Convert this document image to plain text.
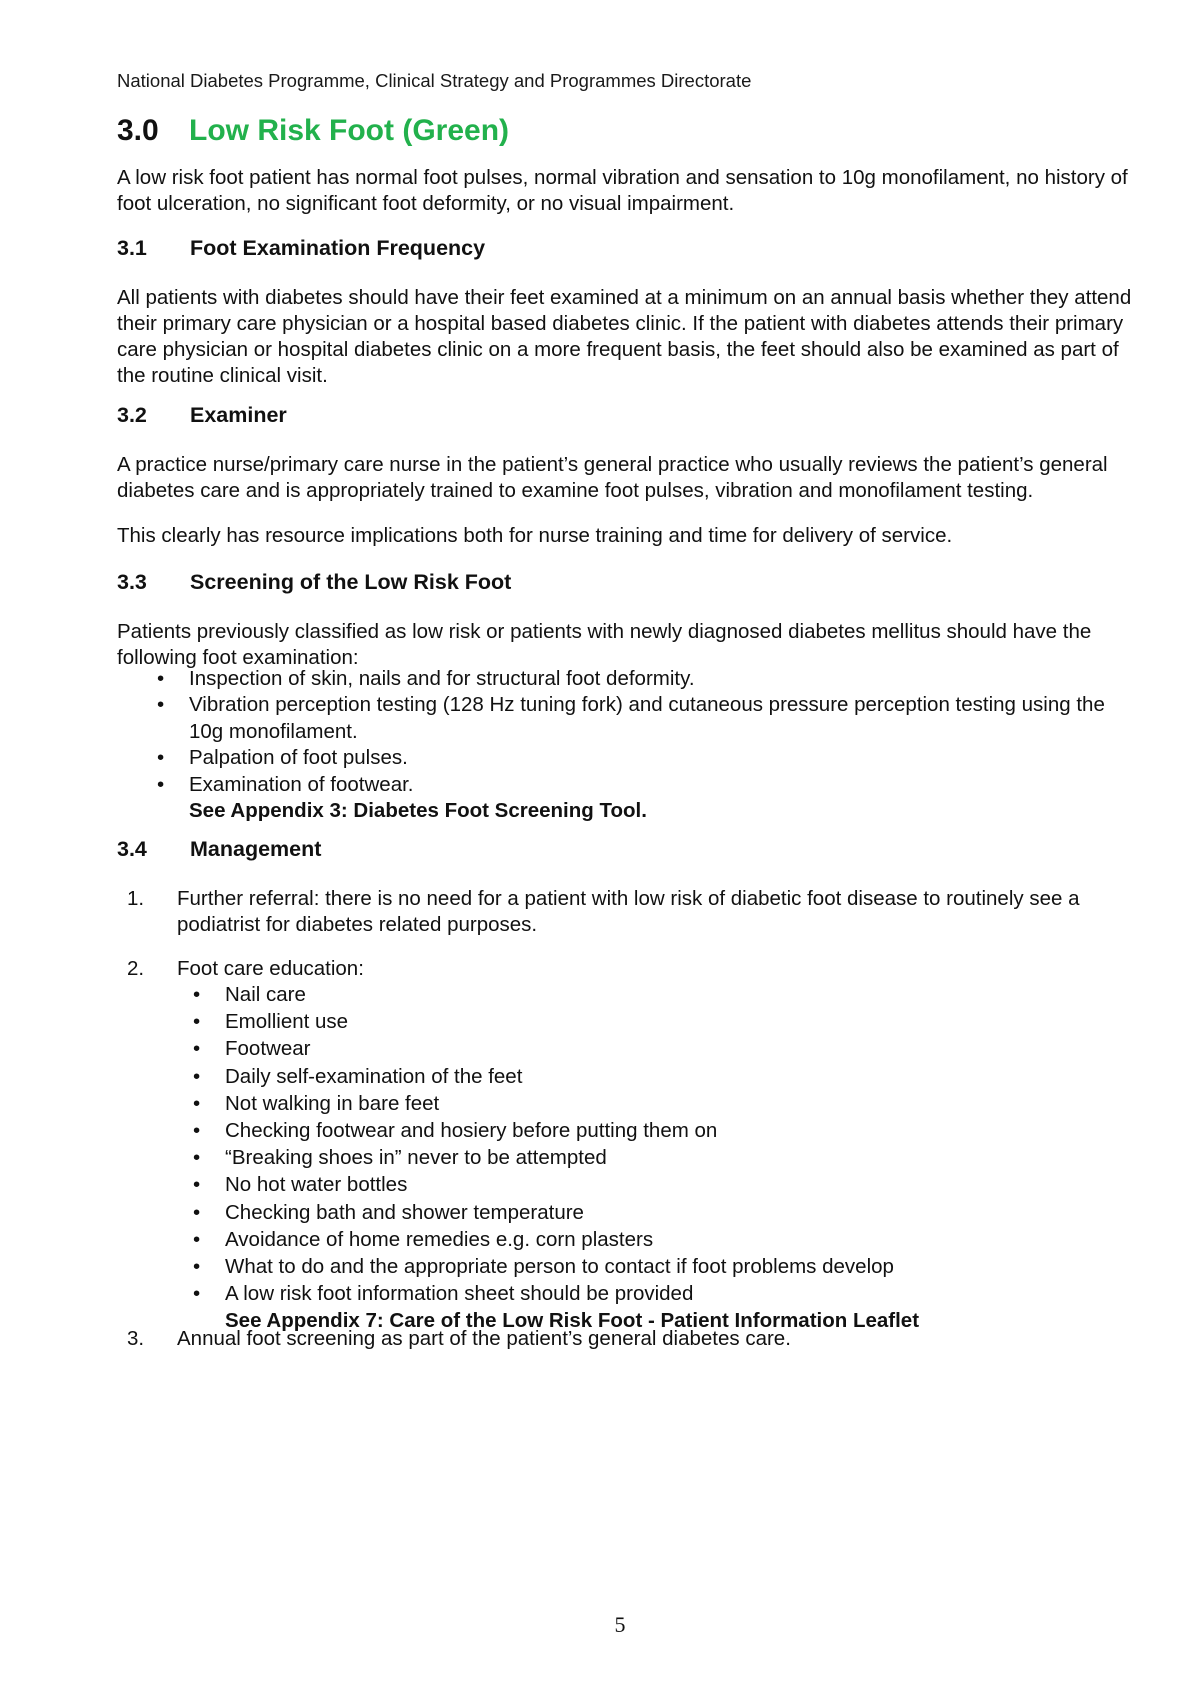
National Diabetes Programme, Clinical Strategy and Programmes Directorate
3.0 Low Risk Foot (Green)

A low risk foot patient has normal foot pulses, normal vibration and sensation to 10g monofilament, no history of foot ulceration, no significant foot deformity, or no visual impairment.

3.1 Foot Examination Frequency

All patients with diabetes should have their feet examined at a minimum on an annual basis whether they attend their primary care physician or a hospital based diabetes clinic. If the patient with diabetes attends their primary care physician or hospital diabetes clinic on a more frequent basis, the feet should also be examined as part of the routine clinical visit.

3.2 Examiner

A practice nurse/primary care nurse in the patient’s general practice who usually reviews the patient’s general diabetes care and is appropriately trained to examine foot pulses, vibration and monofilament testing.

This clearly has resource implications both for nurse training and time for delivery of service.

3.3 Screening of the Low Risk Foot

Patients previously classified as low risk or patients with newly diagnosed diabetes mellitus should have the following foot examination:

• Inspection of skin, nails and for structural foot deformity.
• Vibration perception testing (128 Hz tuning fork) and cutaneous pressure perception testing using the 10g monofilament.
• Palpation of foot pulses.
• Examination of footwear.
See Appendix 3: Diabetes Foot Screening Tool.
3.4 Management
1. Further referral: there is no need for a patient with low risk of diabetic foot disease to routinely see a podiatrist for diabetes related purposes.
2. Foot care education:
• Nail care
• Emollient use
• Footwear
• Daily self-examination of the feet
• Not walking in bare feet
• Checking footwear and hosiery before putting them on
• “Breaking shoes in” never to be attempted
• No hot water bottles
• Checking bath and shower temperature
• Avoidance of home remedies e.g. corn plasters
• What to do and the appropriate person to contact if foot problems develop
• A low risk foot information sheet should be provided
See Appendix 7: Care of the Low Risk Foot - Patient Information Leaflet
3. Annual foot screening as part of the patient’s general diabetes care.
5
